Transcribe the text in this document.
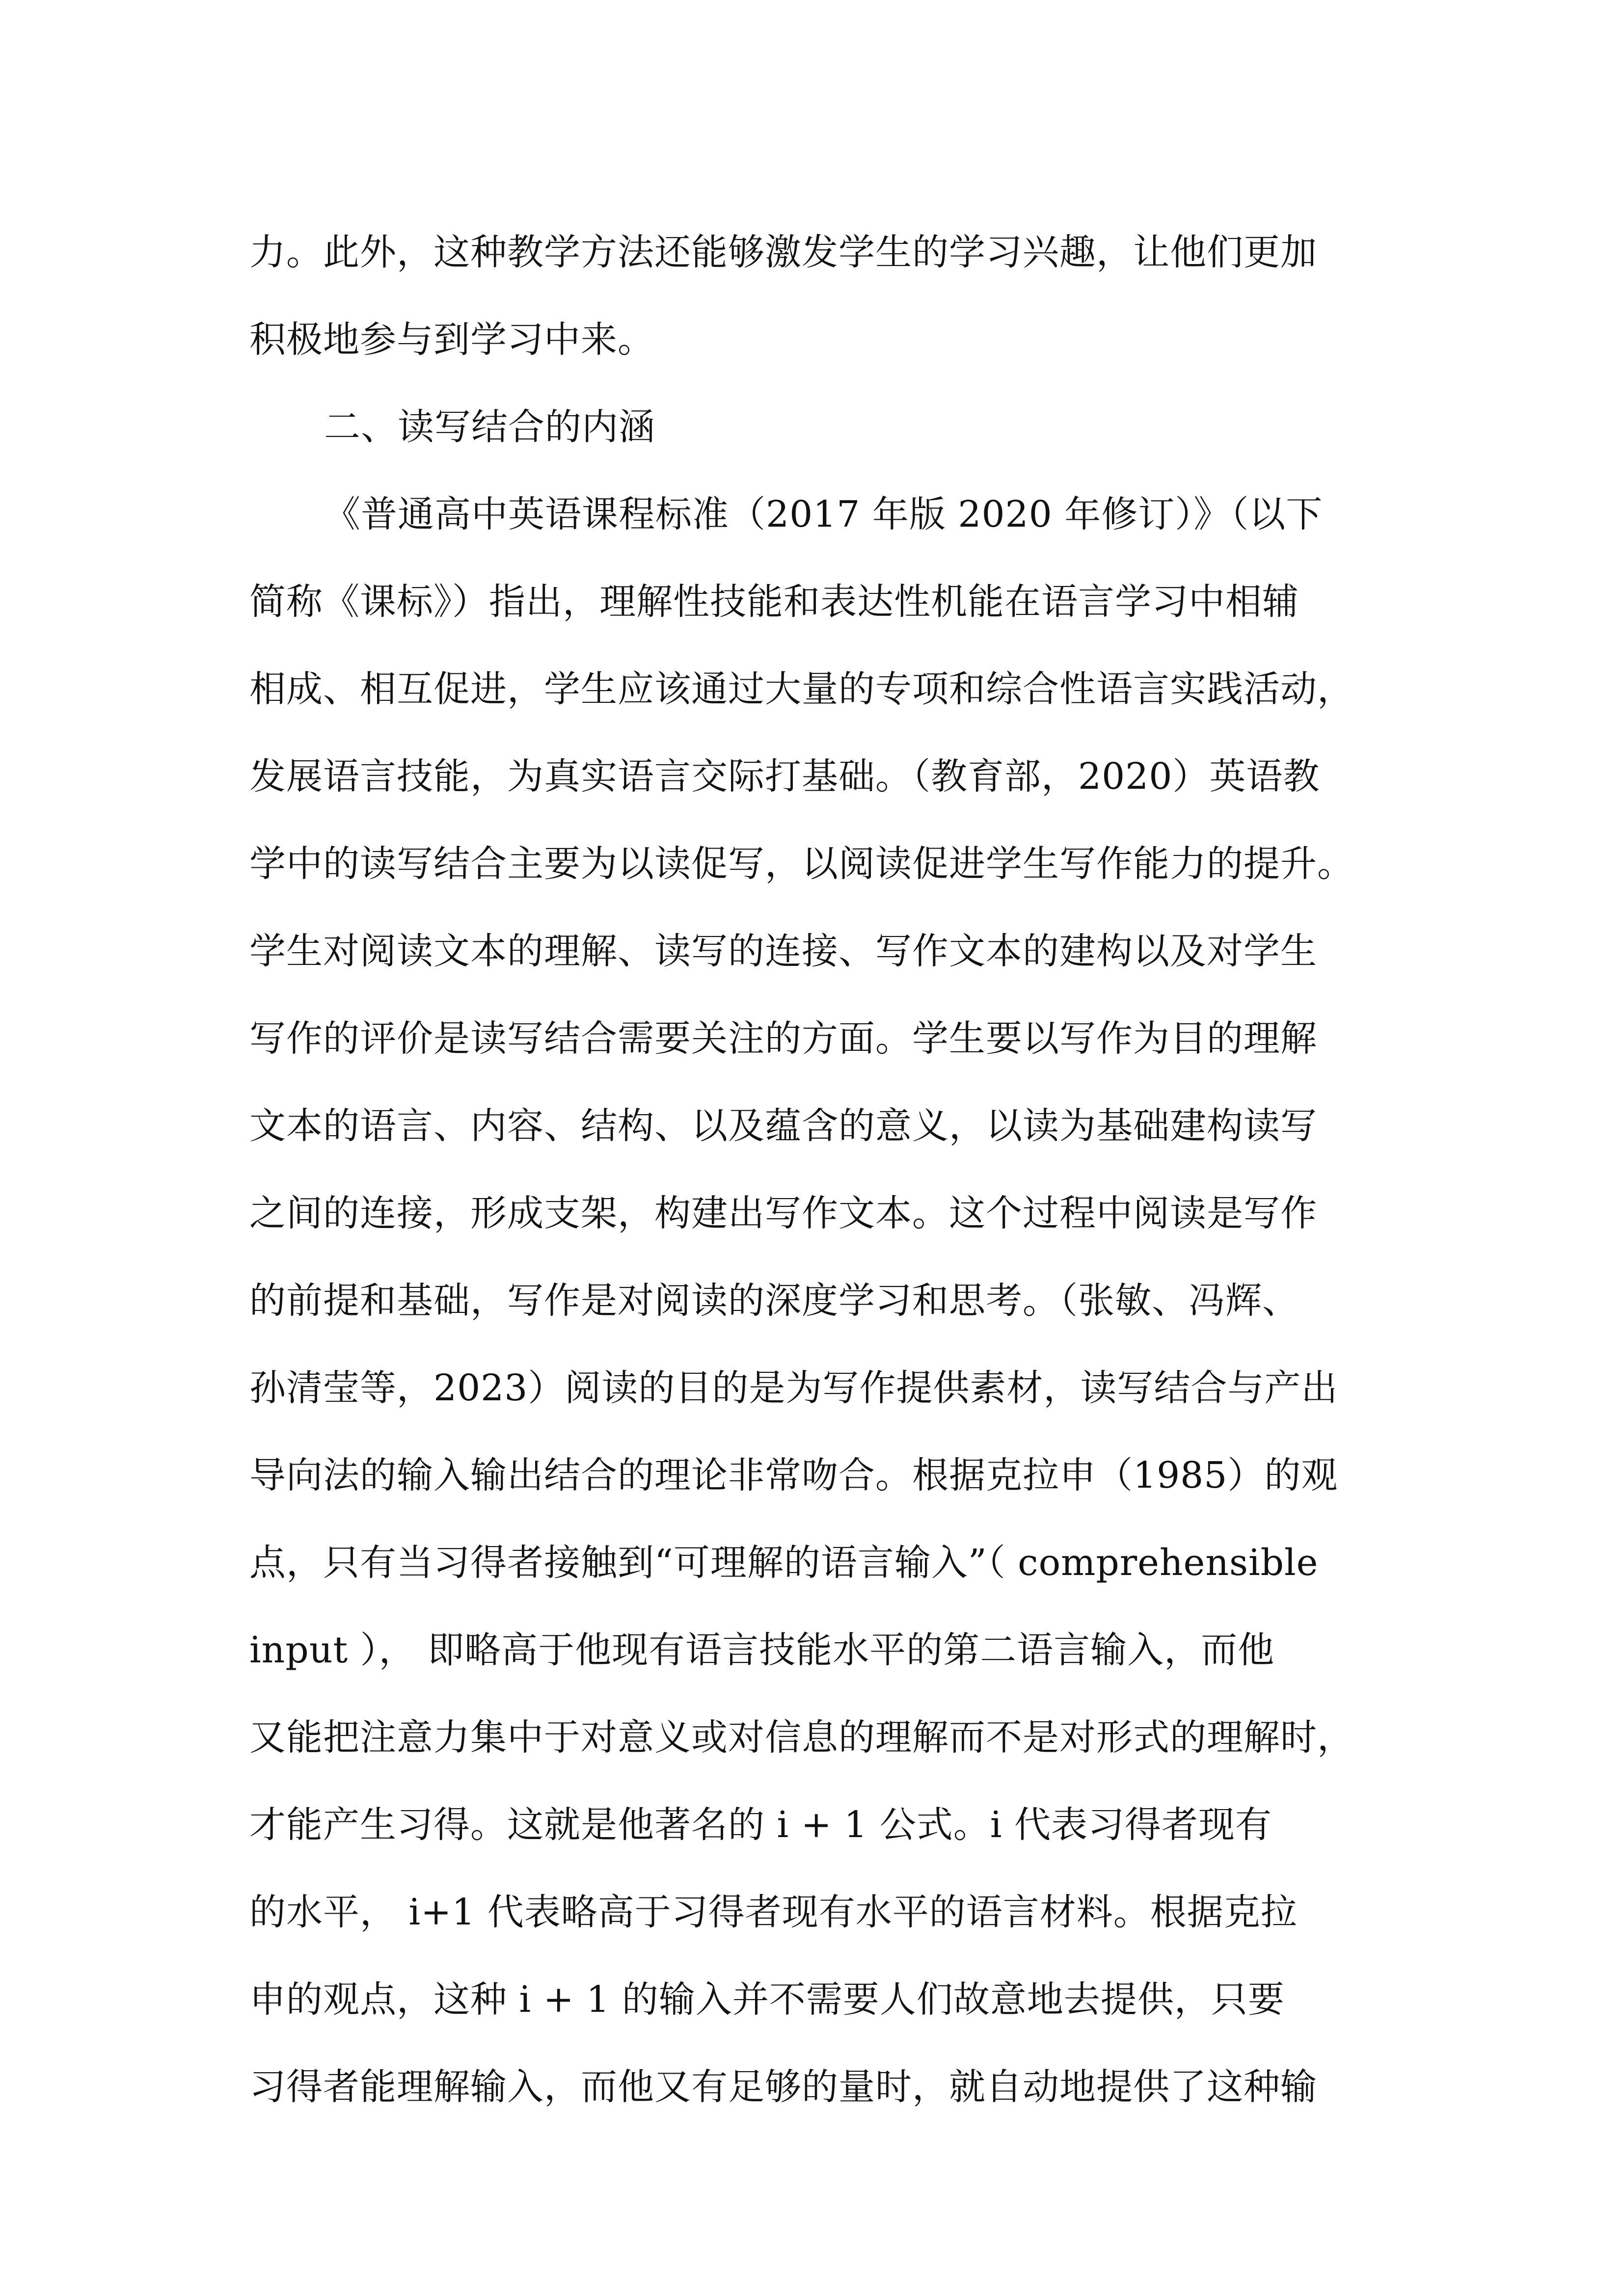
力。此外，这种教学方法还能够激发学生的学习兴趣，让他们更加
积极地参与到学习中来。
二、读写结合的内涵
《普通高中英语课程标准（2017 年版 2020 年修订）》（以下
简称《课标》）指出，理解性技能和表达性机能在语言学习中相辅
相成、相互促进，学生应该通过大量的专项和综合性语言实践活动，
发展语言技能，为真实语言交际打基础。（教育部，2020）英语教
学中的读写结合主要为以读促写，以阅读促进学生写作能力的提升。
学生对阅读文本的理解、读写的连接、写作文本的建构以及对学生
写作的评价是读写结合需要关注的方面。学生要以写作为目的理解
文本的语言、内容、结构、以及蕴含的意义，以读为基础建构读写
之间的连接，形成支架，构建出写作文本。这个过程中阅读是写作
的前提和基础，写作是对阅读的深度学习和思考。（张敏、冯辉、
孙清莹等，2023）阅读的目的是为写作提供素材，读写结合与产出
导向法的输入输出结合的理论非常吻合。根据克拉申（1985）的观
点，只有当习得者接触到“可理解的语言输入”（ comprehensible
input ）， 即略高于他现有语言技能水平的第二语言输入，而他
又能把注意力集中于对意义或对信息的理解而不是对形式的理解时，
才能产生习得。这就是他著名的 i + 1 公式。i 代表习得者现有
的水平， i+1 代表略高于习得者现有水平的语言材料。根据克拉
申的观点，这种 i + 1 的输入并不需要人们故意地去提供，只要
习得者能理解输入，而他又有足够的量时，就自动地提供了这种输
